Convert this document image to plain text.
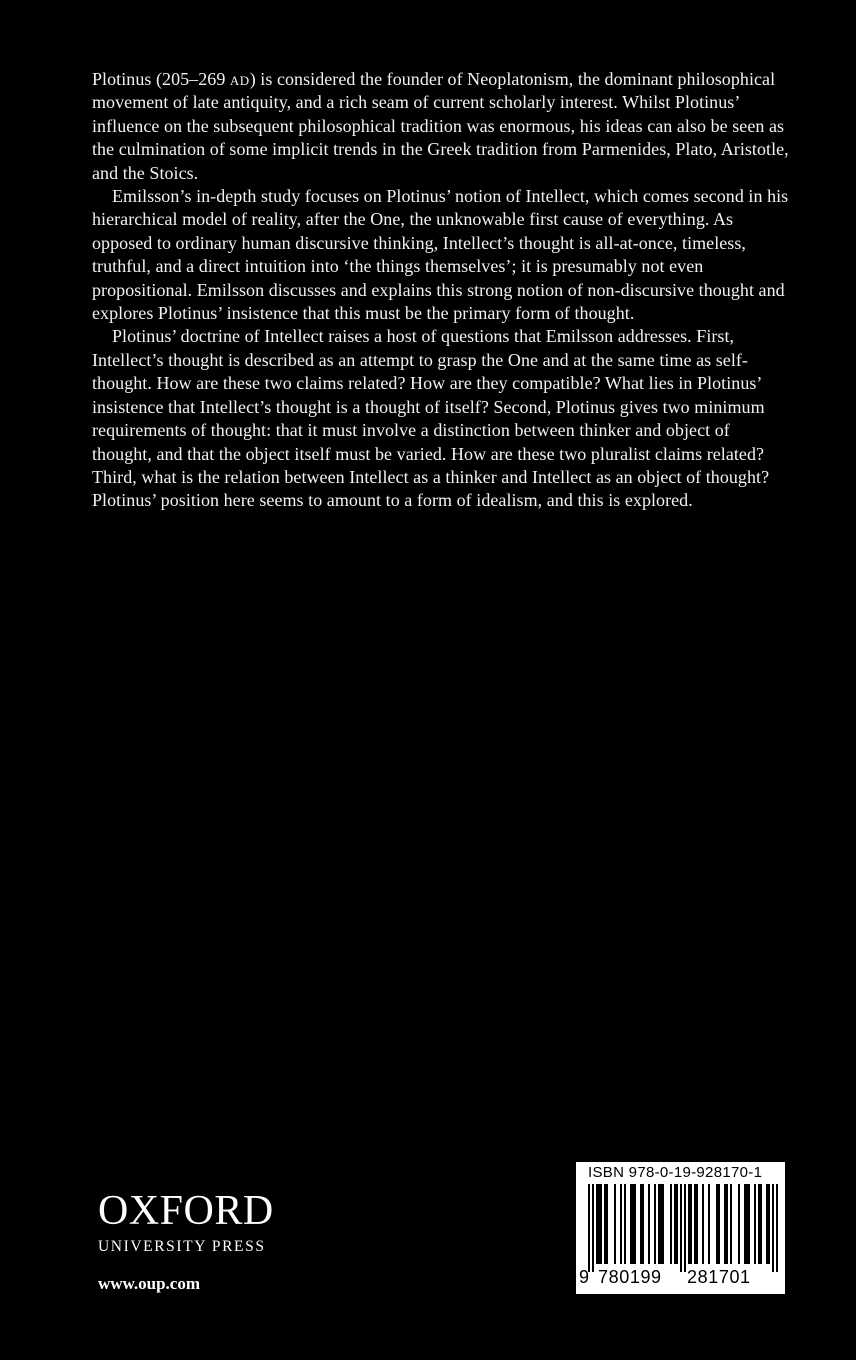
Plotinus (205–269 ad) is considered the founder of Neoplatonism, the dominant philosophical movement of late antiquity, and a rich seam of current scholarly interest. Whilst Plotinus’ influence on the subsequent philosophical tradition was enormous, his ideas can also be seen as the culmination of some implicit trends in the Greek tradition from Parmenides, Plato, Aristotle, and the Stoics.

Emilsson’s in-depth study focuses on Plotinus’ notion of Intellect, which comes second in his hierarchical model of reality, after the One, the unknowable first cause of everything. As opposed to ordinary human discursive thinking, Intellect’s thought is all-at-once, timeless, truthful, and a direct intuition into ‘the things themselves’; it is presumably not even propositional. Emilsson discusses and explains this strong notion of non-discursive thought and explores Plotinus’ insistence that this must be the primary form of thought.

Plotinus’ doctrine of Intellect raises a host of questions that Emilsson addresses. First, Intellect’s thought is described as an attempt to grasp the One and at the same time as self-thought. How are these two claims related? How are they compatible? What lies in Plotinus’ insistence that Intellect’s thought is a thought of itself? Second, Plotinus gives two minimum requirements of thought: that it must involve a distinction between thinker and object of thought, and that the object itself must be varied. How are these two pluralist claims related? Third, what is the relation between Intellect as a thinker and Intellect as an object of thought? Plotinus’ position here seems to amount to a form of idealism, and this is explored.

OXFORD
UNIVERSITY PRESS
www.oup.com
ISBN 978-0-19-928170-1
9 780199 281701
